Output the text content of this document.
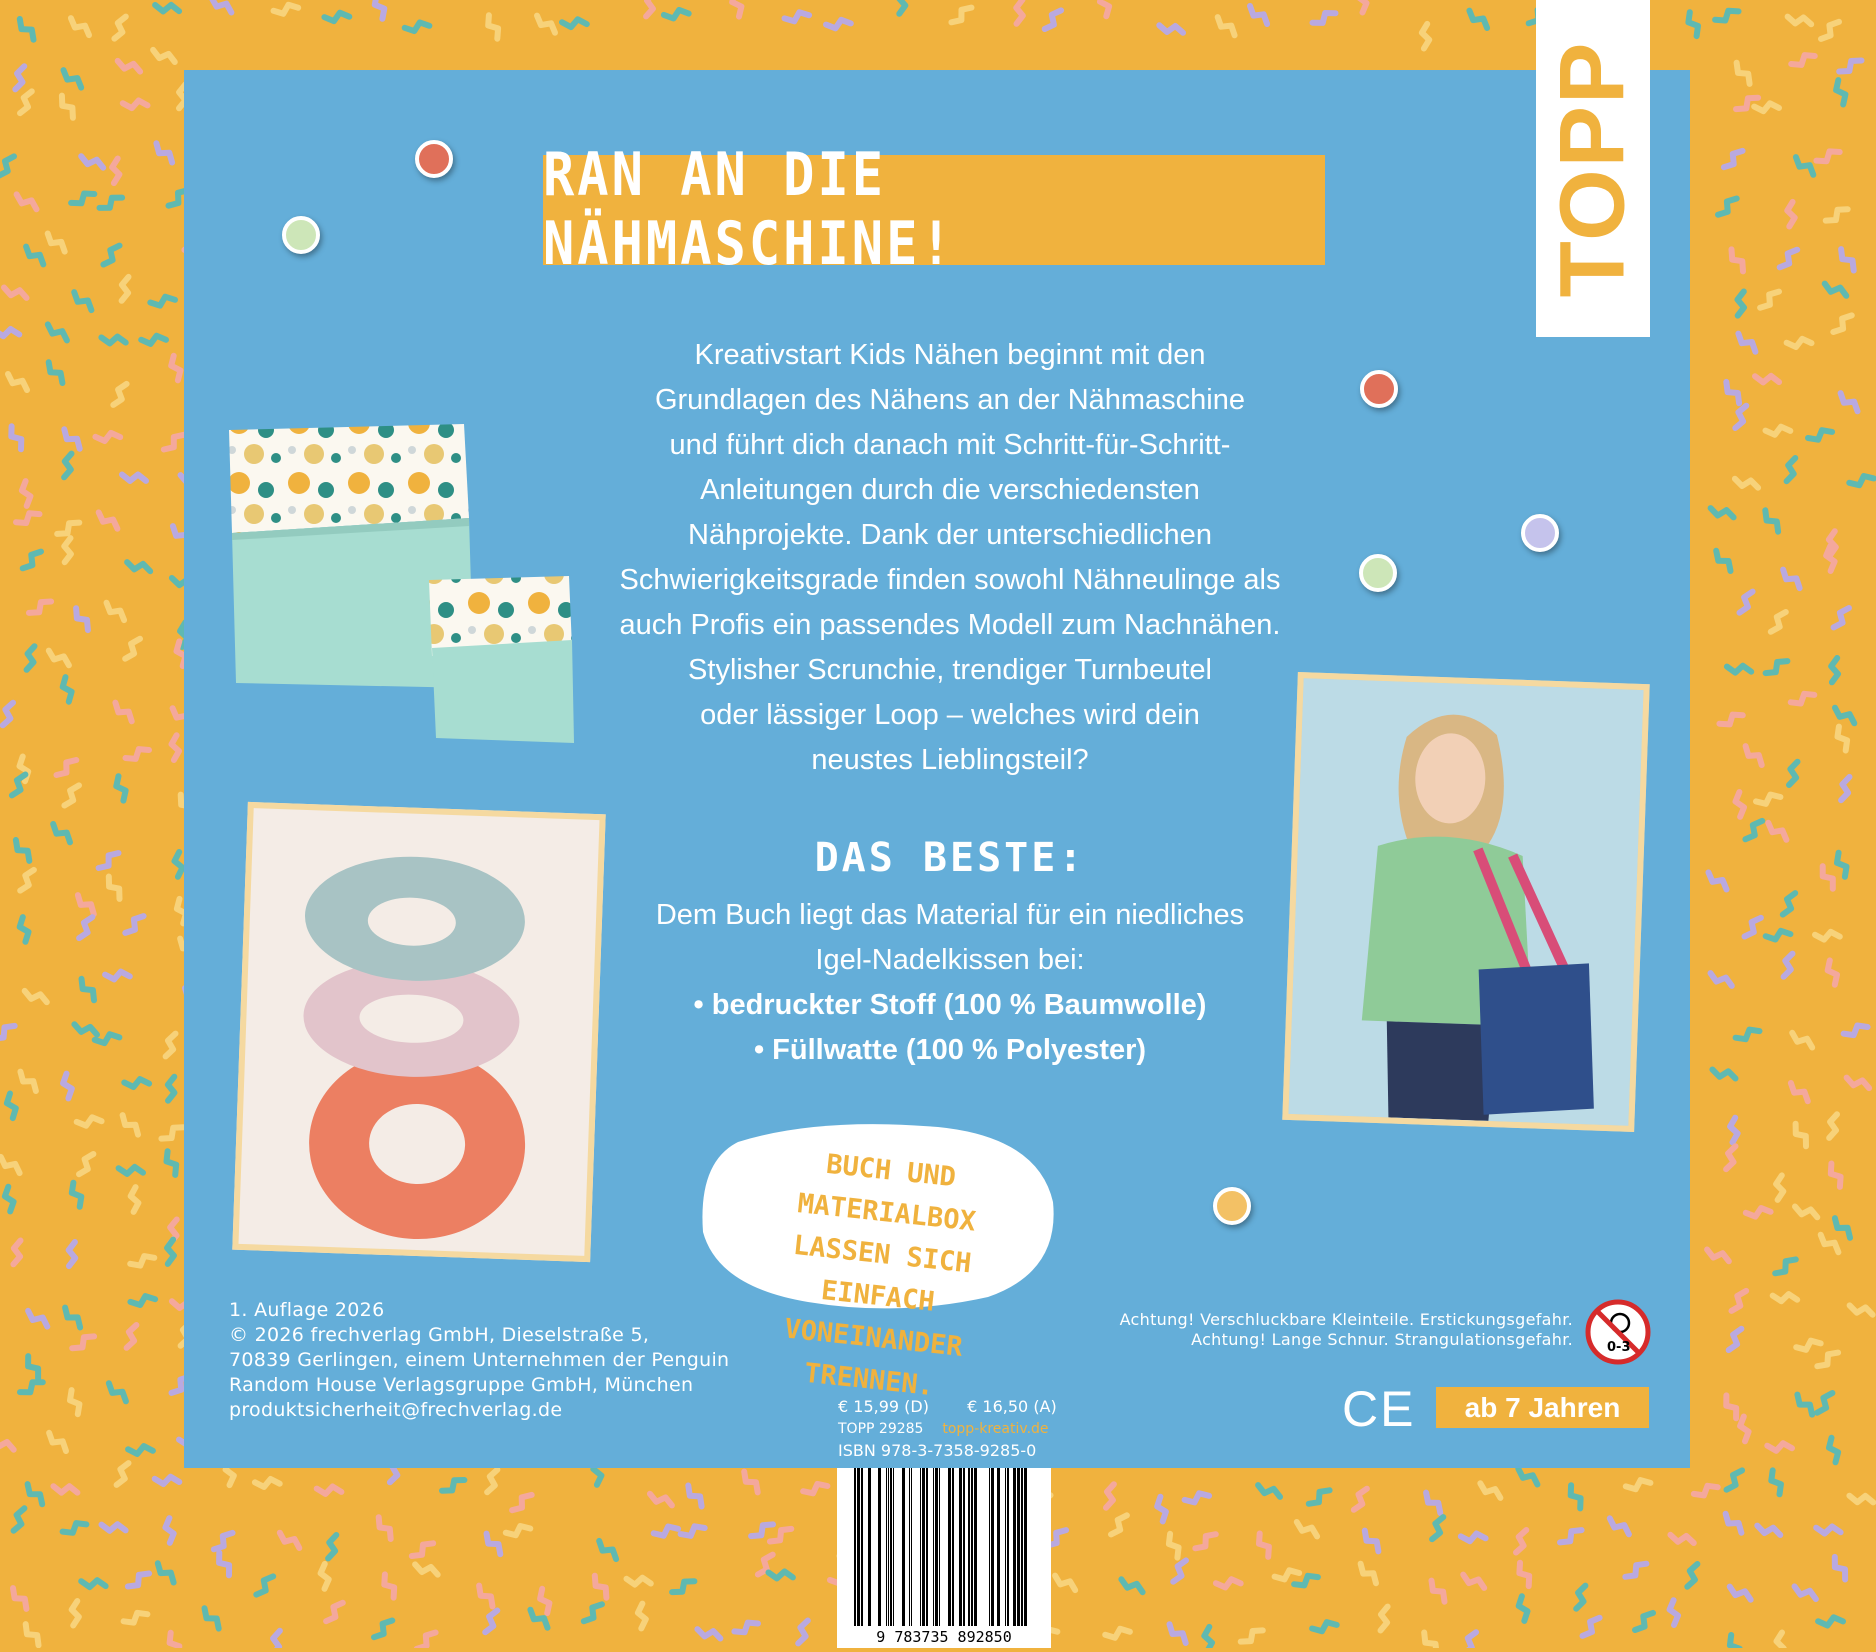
TOPP
RAN AN DIE NÄHMASCHINE!
Kreativstart Kids Nähen beginnt mit den
Grundlagen des Nähens an der Nähmaschine
und führt dich danach mit Schritt-für-Schritt-
Anleitungen durch die verschiedensten
Nähprojekte. Dank der unterschiedlichen
Schwierigkeitsgrade finden sowohl Nähneulinge als
auch Profis ein passendes Modell zum Nachnähen.
Stylisher Scrunchie, trendiger Turnbeutel
oder lässiger Loop – welches wird dein
neustes Lieblingsteil?
DAS BESTE:
Dem Buch liegt das Material für ein niedliches
Igel-Nadelkissen bei:
• bedruckter Stoff (100 % Baumwolle)
• Füllwatte (100 % Polyester)
BUCH UND MATERIALBOX
LASSEN SICH EINFACH
VONEINANDER TRENNEN.
1. Auflage 2026
© 2026 frechverlag GmbH, Dieselstraße 5,
70839 Gerlingen, einem Unternehmen der Penguin
Random House Verlagsgruppe GmbH, München
produktsicherheit@frechverlag.de	€ 15,99 (D) € 16,50 (A)
TOPP 29285 topp-kreativ.de
ISBN 978-3-7358-9285-0
Achtung! Verschluckbare Kleinteile. Erstickungsgefahr.
Achtung! Lange Schnur. Strangulationsgefahr.	0-3
CE	ab 7 Jahren
9 783735 892850
